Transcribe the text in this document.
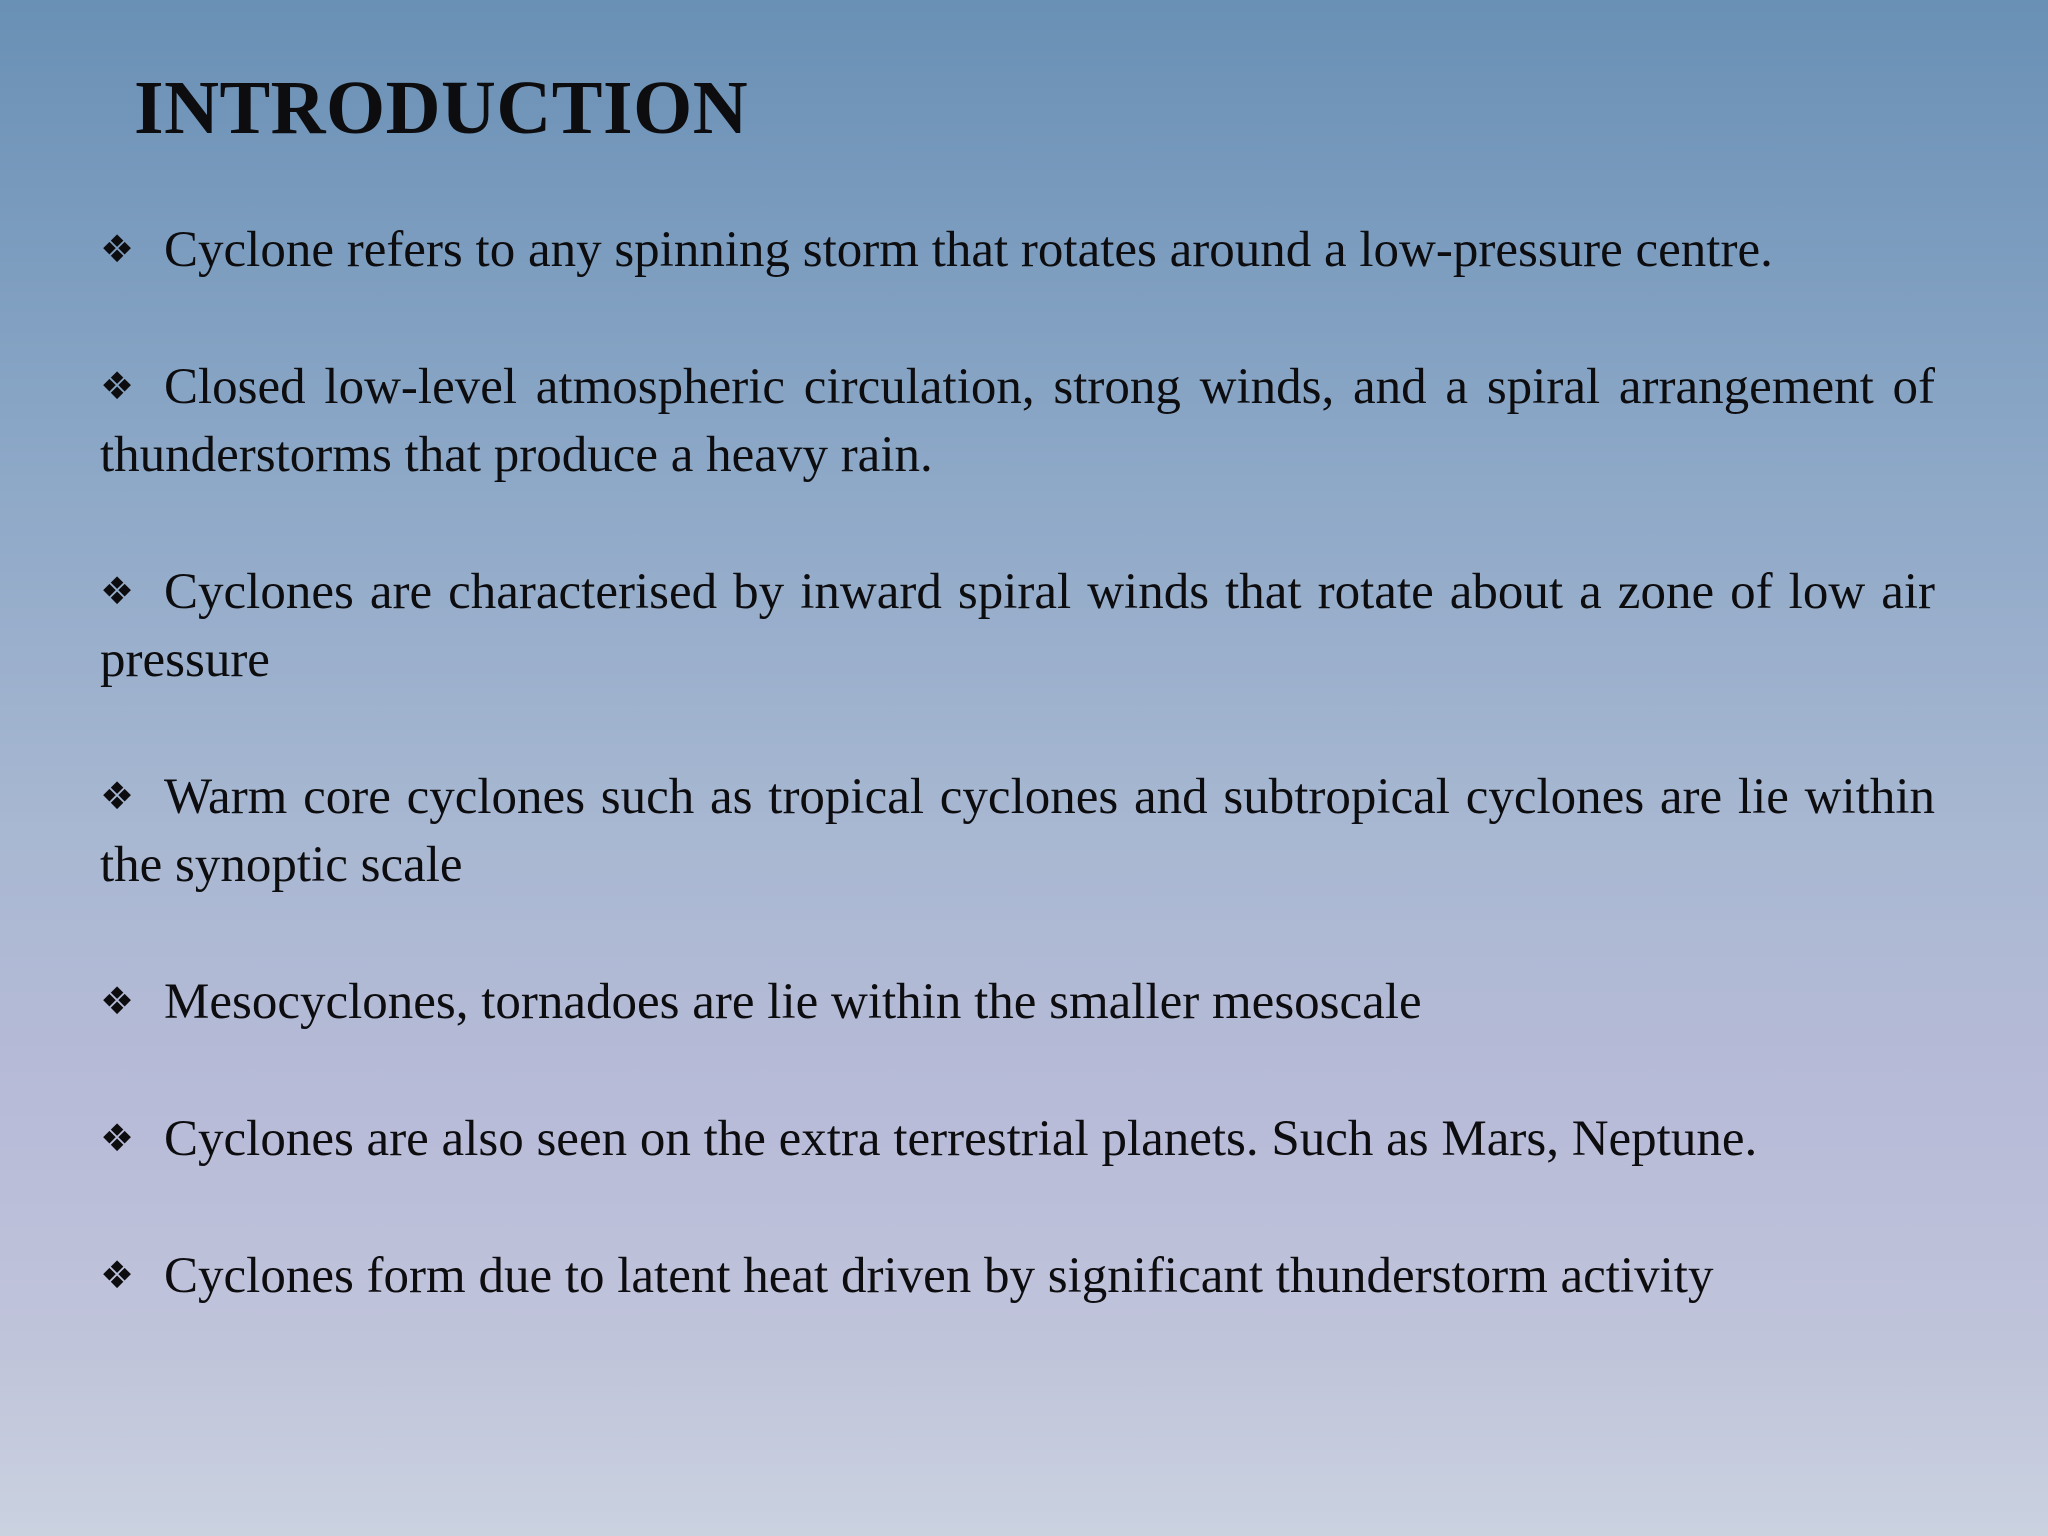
INTRODUCTION
❖ Cyclone refers to any spinning storm that rotates around a low-pressure centre.
❖ Closed low-level atmospheric circulation, strong winds, and a spiral arrangement of thunderstorms that produce a heavy rain.
❖ Cyclones are characterised by inward spiral winds that rotate about a zone of low air pressure
❖ Warm core cyclones such as tropical cyclones and subtropical cyclones are lie within the synoptic scale
❖ Mesocyclones, tornadoes are lie within the smaller mesoscale
❖ Cyclones are also seen on the extra terrestrial planets. Such as Mars, Neptune.
❖ Cyclones form due to latent heat driven by significant thunderstorm activity
